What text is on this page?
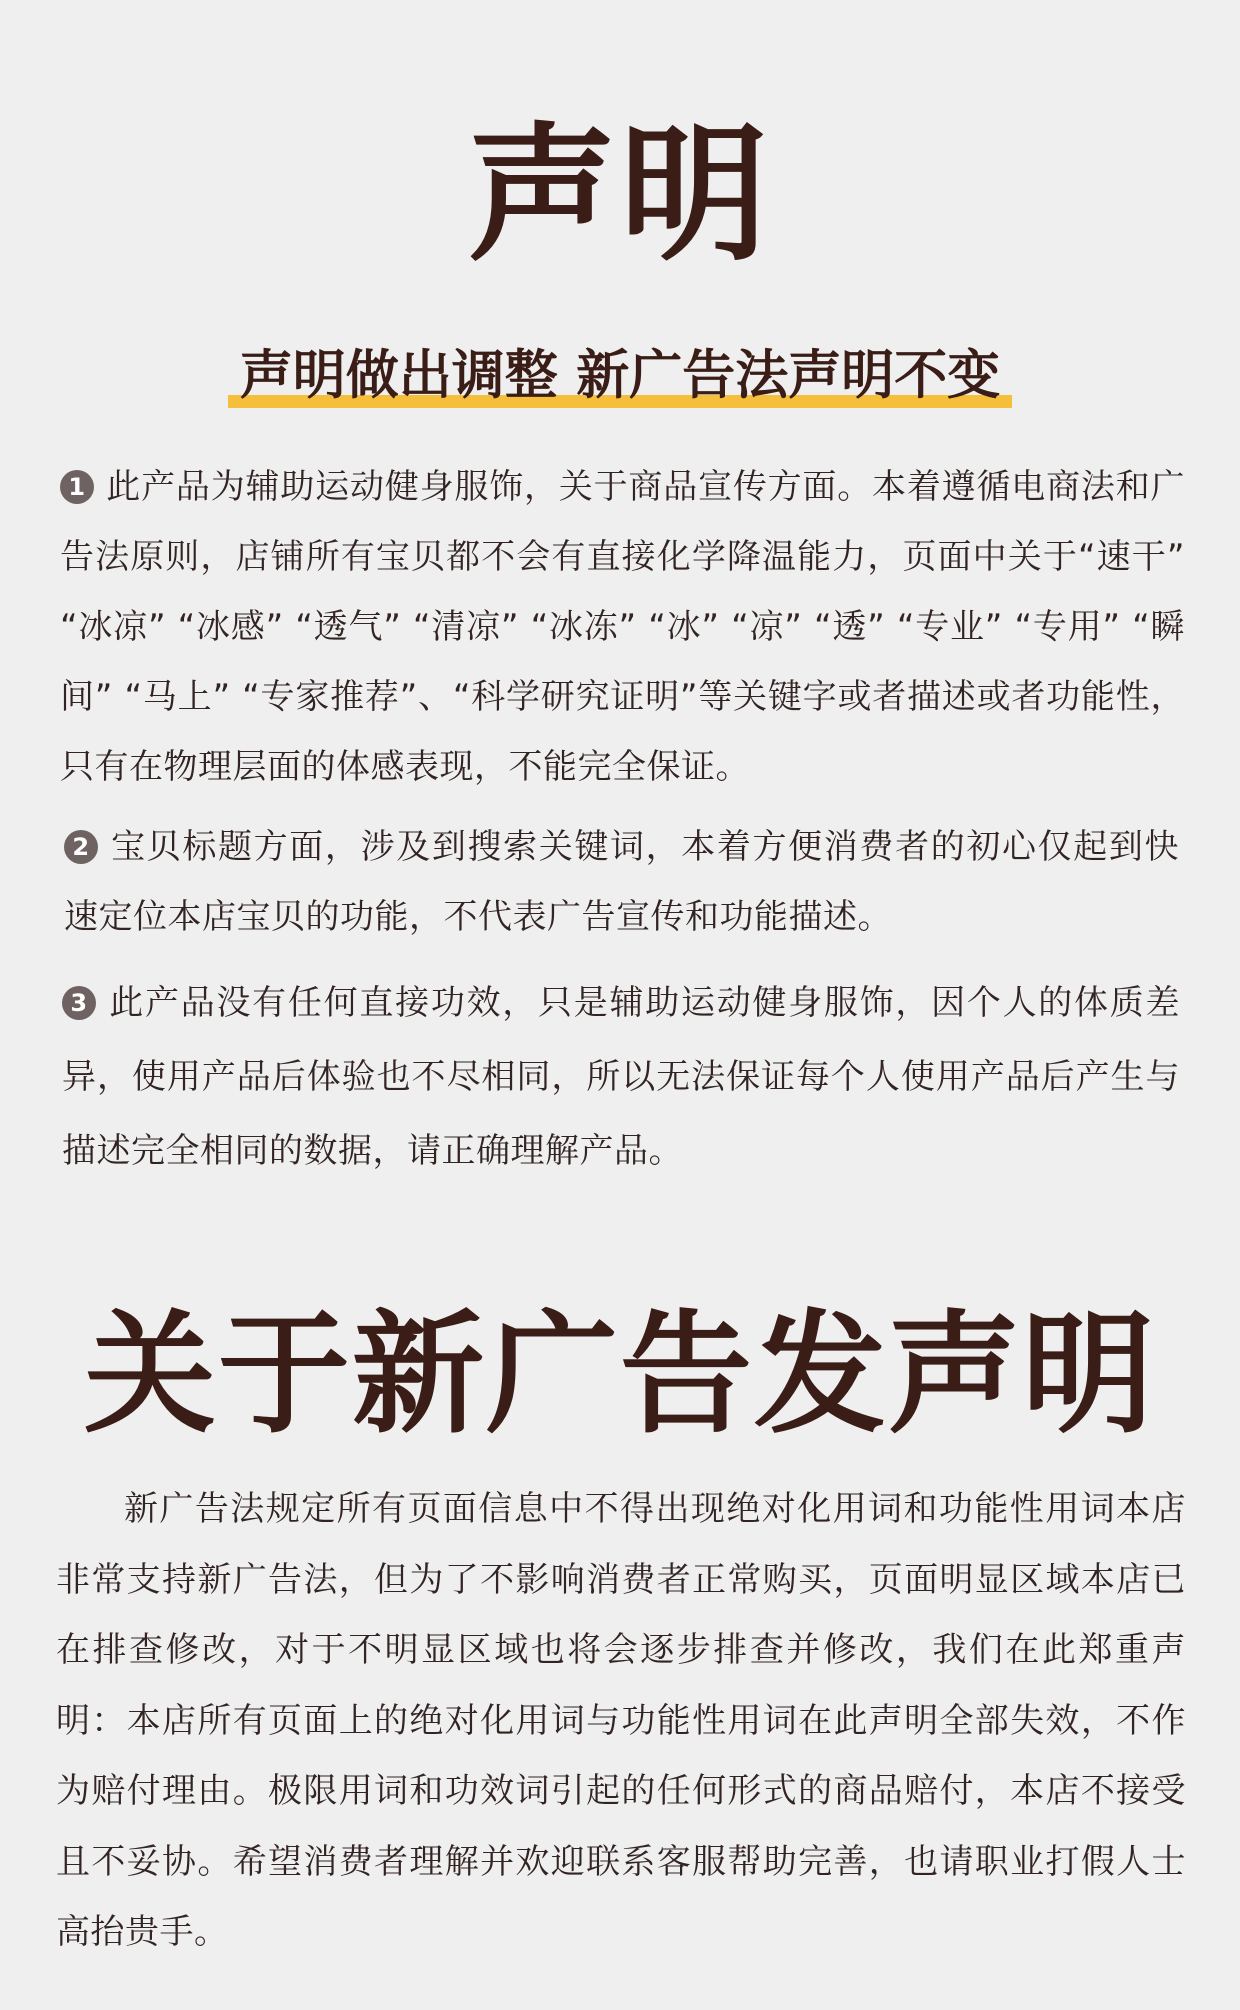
声明
声明做出调整 新广告法声明不变
1 此产品为辅助运动健身服饰，关于商品宣传方面。本着遵循电商法和广告法原则，店铺所有宝贝都不会有直接化学降温能力，页面中关于“速干” “冰凉” “冰感” “透气” “清凉” “冰冻” “冰” “凉” “透” “专业” “专用” “瞬间” “马上” “专家推荐”、“科学研究证明”等关键字或者描述或者功能性，只有在物理层面的体感表现，不能完全保证。
2 宝贝标题方面，涉及到搜索关键词，本着方便消费者的初心仅起到快速定位本店宝贝的功能，不代表广告宣传和功能描述。
3 此产品没有任何直接功效，只是辅助运动健身服饰，因个人的体质差异，使用产品后体验也不尽相同，所以无法保证每个人使用产品后产生与描述完全相同的数据，请正确理解产品。
关于新广告发声明
新广告法规定所有页面信息中不得出现绝对化用词和功能性用词本店非常支持新广告法，但为了不影响消费者正常购买，页面明显区域本店已在排查修改，对于不明显区域也将会逐步排查并修改，我们在此郑重声明：本店所有页面上的绝对化用词与功能性用词在此声明全部失效，不作为赔付理由。极限用词和功效词引起的任何形式的商品赔付，本店不接受且不妥协。希望消费者理解并欢迎联系客服帮助完善，也请职业打假人士高抬贵手。
